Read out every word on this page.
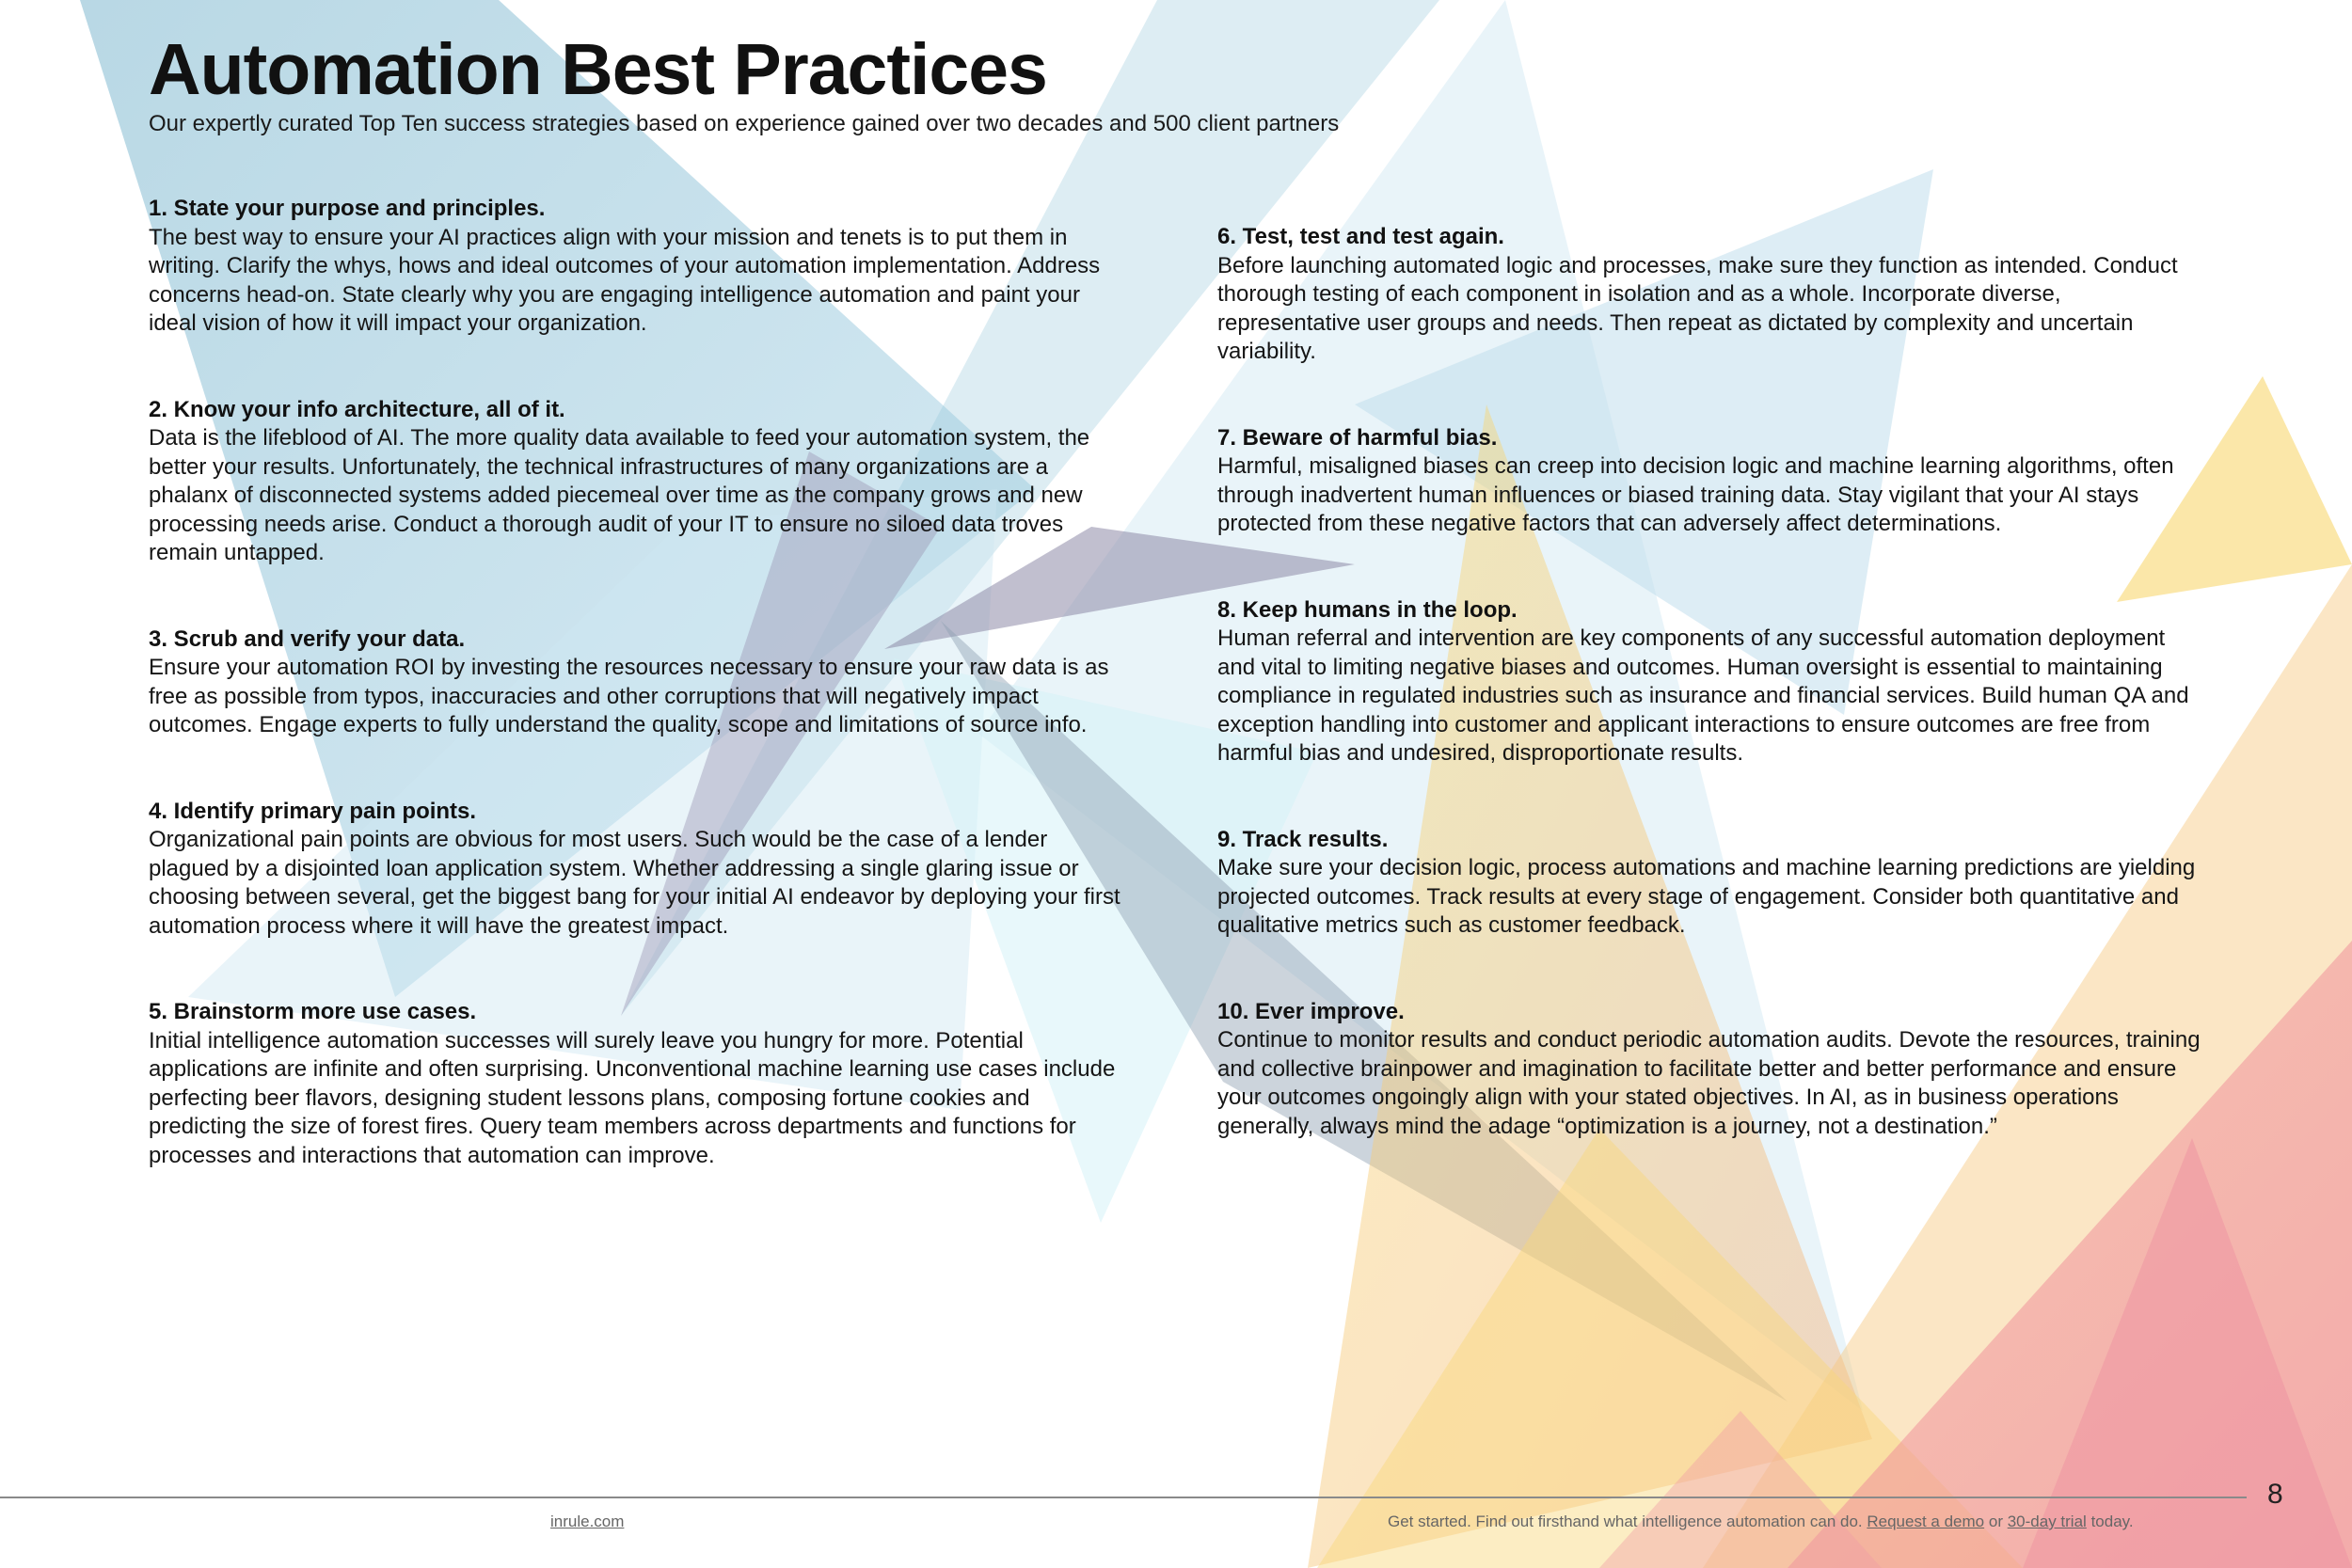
Automation Best Practices

Our expertly curated Top Ten success strategies based on experience gained over two decades and 500 client partners

1. State your purpose and principles.

The best way to ensure your AI practices align with your mission and tenets is to put them in writing. Clarify the whys, hows and ideal outcomes of your automation implementation. Address concerns head-on. State clearly why you are engaging intelligence automation and paint your ideal vision of how it will impact your organization.

2. Know your info architecture, all of it.

Data is the lifeblood of AI. The more quality data available to feed your automation system, the better your results. Unfortunately, the technical infrastructures of many organizations are a phalanx of disconnected systems added piecemeal over time as the company grows and new processing needs arise. Conduct a thorough audit of your IT to ensure no siloed data troves remain untapped.

3. Scrub and verify your data.

Ensure your automation ROI by investing the resources necessary to ensure your raw data is as free as possible from typos, inaccuracies and other corruptions that will negatively impact outcomes. Engage experts to fully understand the quality, scope and limitations of source info.

4. Identify primary pain points.

Organizational pain points are obvious for most users. Such would be the case of a lender plagued by a disjointed loan application system. Whether addressing a single glaring issue or choosing between several, get the biggest bang for your initial AI endeavor by deploying your first automation process where it will have the greatest impact.

5. Brainstorm more use cases.

Initial intelligence automation successes will surely leave you hungry for more. Potential applications are infinite and often surprising. Unconventional machine learning use cases include perfecting beer flavors, designing student lessons plans, composing fortune cookies and predicting the size of forest fires. Query team members across departments and functions for processes and interactions that automation can improve.

6. Test, test and test again.

Before launching automated logic and processes, make sure they function as intended. Conduct thorough testing of each component in isolation and as a whole. Incorporate diverse, representative user groups and needs. Then repeat as dictated by complexity and uncertain variability.

7. Beware of harmful bias.

Harmful, misaligned biases can creep into decision logic and machine learning algorithms, often through inadvertent human influences or biased training data. Stay vigilant that your AI stays protected from these negative factors that can adversely affect determinations.

8. Keep humans in the loop.

Human referral and intervention are key components of any successful automation deployment and vital to limiting negative biases and outcomes. Human oversight is essential to maintaining compliance in regulated industries such as insurance and financial services. Build human QA and exception handling into customer and applicant interactions to ensure outcomes are free from harmful bias and undesired, disproportionate results.

9. Track results.

Make sure your decision logic, process automations and machine learning predictions are yielding projected outcomes. Track results at every stage of engagement. Consider both quantitative and qualitative metrics such as customer feedback.

10. Ever improve.

Continue to monitor results and conduct periodic automation audits. Devote the resources, training and collective brainpower and imagination to facilitate better and better performance and ensure your outcomes ongoingly align with your stated objectives. In AI, as in business operations generally, always mind the adage “optimization is a journey, not a destination.”

8
inrule.com	Get started. Find out firsthand what intelligence automation can do. Request a demo or 30-day trial today.
